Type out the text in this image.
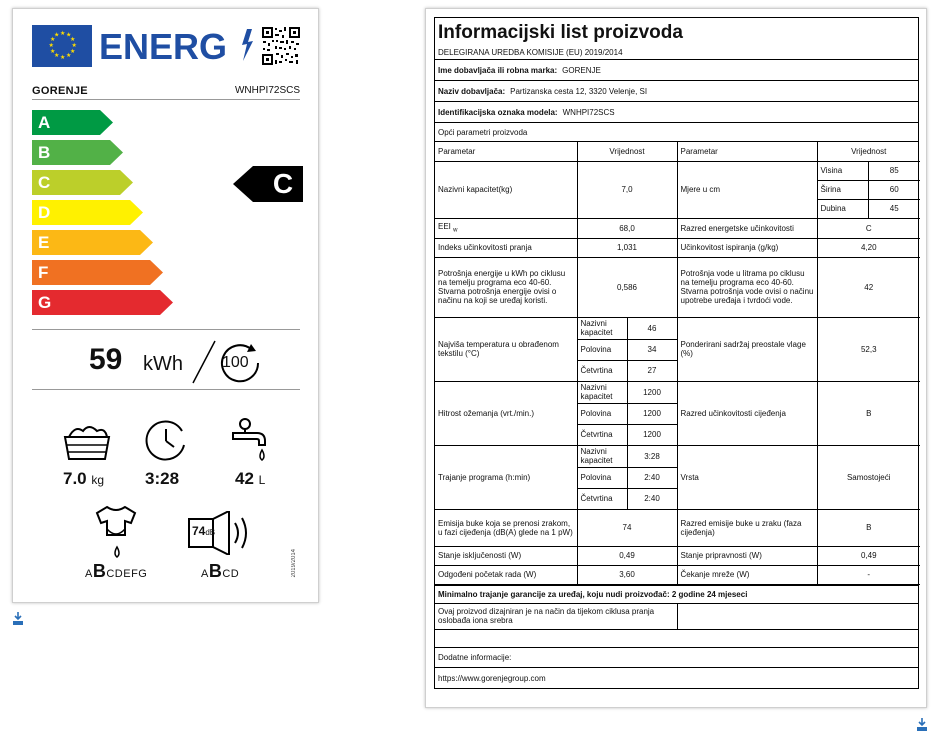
★ ★
★
★
★
★
★
★
★
★
★
★ ENERG
GORENJE	WNHPI72SCS
A
B
C
D
E
F
G
C
59 kWh 100
7.0 kg 3:28	42 L
ABCDEFG
74dB
ABCD	2019/2014
Informacijski list proizvoda
DELEGIRANA UREDBA KOMISIJE (EU) 2019/2014
Ime dobavljača ili robna marka: GORENJE
Naziv dobavljača: Partizanska cesta 12, 3320 Velenje, SI
Identifikacijska oznaka modela: WNHPI72SCS
Opći parametri proizvoda
Parametar	Vrijednost		Parametar	Vrijednost	
Nazivni kapacitet(kg)	7,0		Mjere u cm	Visina	85
				Širina	60
				Dubina	45
EEI $_w$	68,0		Razred energetske učinkovitosti	C	
Indeks učinkovitosti pranja	1,031		Učinkovitost ispiranja (g/kg)	4,20	
Potrošnja energije u kWh po ciklusu na temelju programa eco 40-60. Stvarna potrošnja energije ovisi o načinu na koji se uređaj koristi.	0,586		Potrošnja vode u litrama po ciklusu na temelju programa eco 40-60. Stvarna potrošnja vode ovisi o načinu upotrebe uređaja i tvrdoći vode.	42	
Najviša temperatura u obrađenom tekstilu (°C)	Nazivni kapacitet	46	Ponderirani sadržaj preostale vlage (%)	52,3	
	Polovina	34			
	Četvrtina	27			
Hitrost ožemanja (vrt./min.)	Nazivni kapacitet	1200	Razred učinkovitosti cijeđenja	B	
	Polovina	1200			
	Četvrtina	1200			
Trajanje programa (h:min)	Nazivni kapacitet	3:28	Vrsta	Samostojeći	
	Polovina	2:40			
	Četvrtina	2:40			
Emisija buke koja se prenosi zrakom, u fazi cijeđenja (dB(A) glede na 1 pW)	74		Razred emisije buke u zraku (faza cijeđenja)	B	
Stanje isključenosti (W)	0,49		Stanje pripravnosti (W)	0,49	
Odgođeni početak rada (W)	3,60		Čekanje mreže (W)	-	
Minimalno trajanje garancije za uređaj, koju nudi proizvođač: 2 godine 24 mjeseci
Ovaj proizvod dizajniran je na način da tijekom ciklusa pranja oslobađa iona srebra	
Dodatne informacije:
https://www.gorenjegroup.com
